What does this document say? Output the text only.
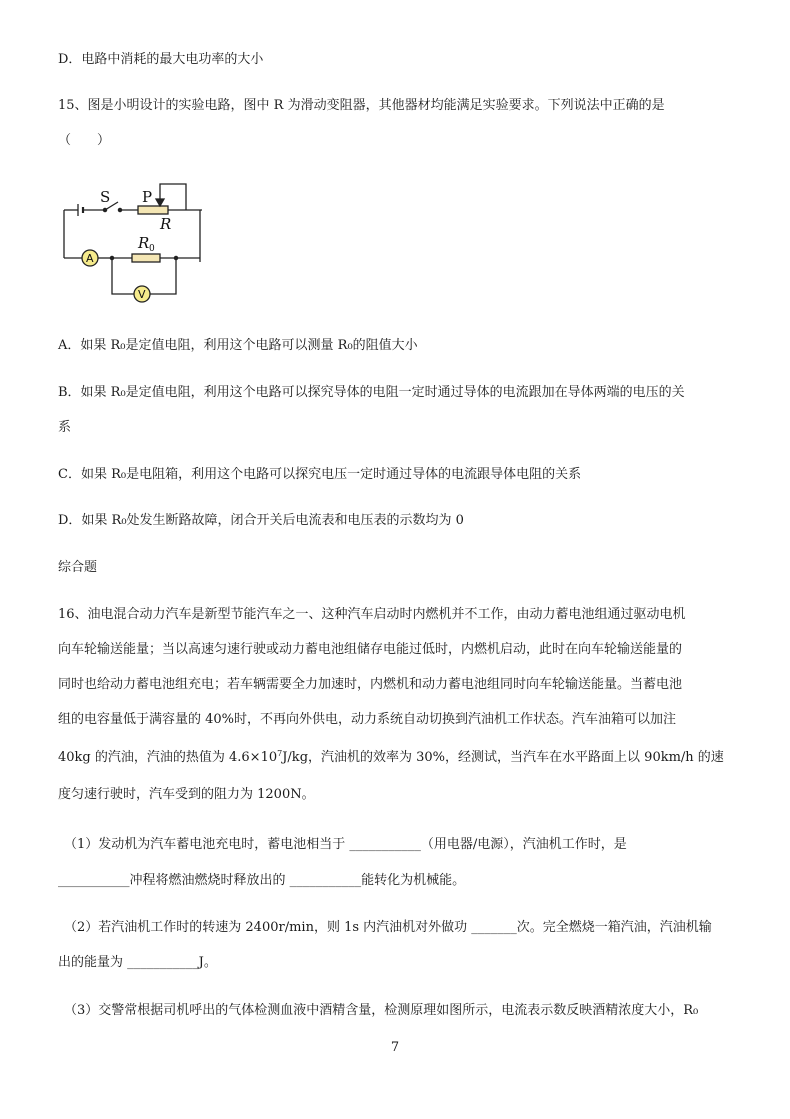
D．电路中消耗的最大电功率的大小

15、图是小明设计的实验电路，图中 R 为滑动变阻器，其他器材均能满足实验要求。下列说法中正确的是

（　　）

S P
R
R 0
A
V

A．如果 R₀是定值电阻，利用这个电路可以测量 R₀的阻值大小

B．如果 R₀是定值电阻，利用这个电路可以探究导体的电阻一定时通过导体的电流跟加在导体两端的电压的关

系

C．如果 R₀是电阻箱，利用这个电路可以探究电压一定时通过导体的电流跟导体电阻的关系

D．如果 R₀处发生断路故障，闭合开关后电流表和电压表的示数均为 0

综合题

16、油电混合动力汽车是新型节能汽车之一、这种汽车启动时内燃机并不工作，由动力蓄电池组通过驱动电机

向车轮输送能量；当以高速匀速行驶或动力蓄电池组储存电能过低时，内燃机启动，此时在向车轮输送能量的

同时也给动力蓄电池组充电；若车辆需要全力加速时，内燃机和动力蓄电池组同时向车轮输送能量。当蓄电池

组的电容量低于满容量的 40%时，不再向外供电，动力系统自动切换到汽油机工作状态。汽车油箱可以加注

40kg 的汽油，汽油的热值为 $4.6\times 10^7J/kg$，汽油机的效率为 30%，经测试，当汽车在水平路面上以 90km/h 的速

度匀速行驶时，汽车受到的阻力为 1200N。

（1）发动机为汽车蓄电池充电时，蓄电池相当于 ___________（用电器/电源），汽油机工作时，是

___________冲程将燃油燃烧时释放出的 ___________能转化为机械能。

（2）若汽油机工作时的转速为 2400r/min，则 1s 内汽油机对外做功 _______次。完全燃烧一箱汽油，汽油机输

出的能量为 ___________J。

（3）交警常根据司机呼出的气体检测血液中酒精含量，检测原理如图所示，电流表示数反映酒精浓度大小，R₀

7
